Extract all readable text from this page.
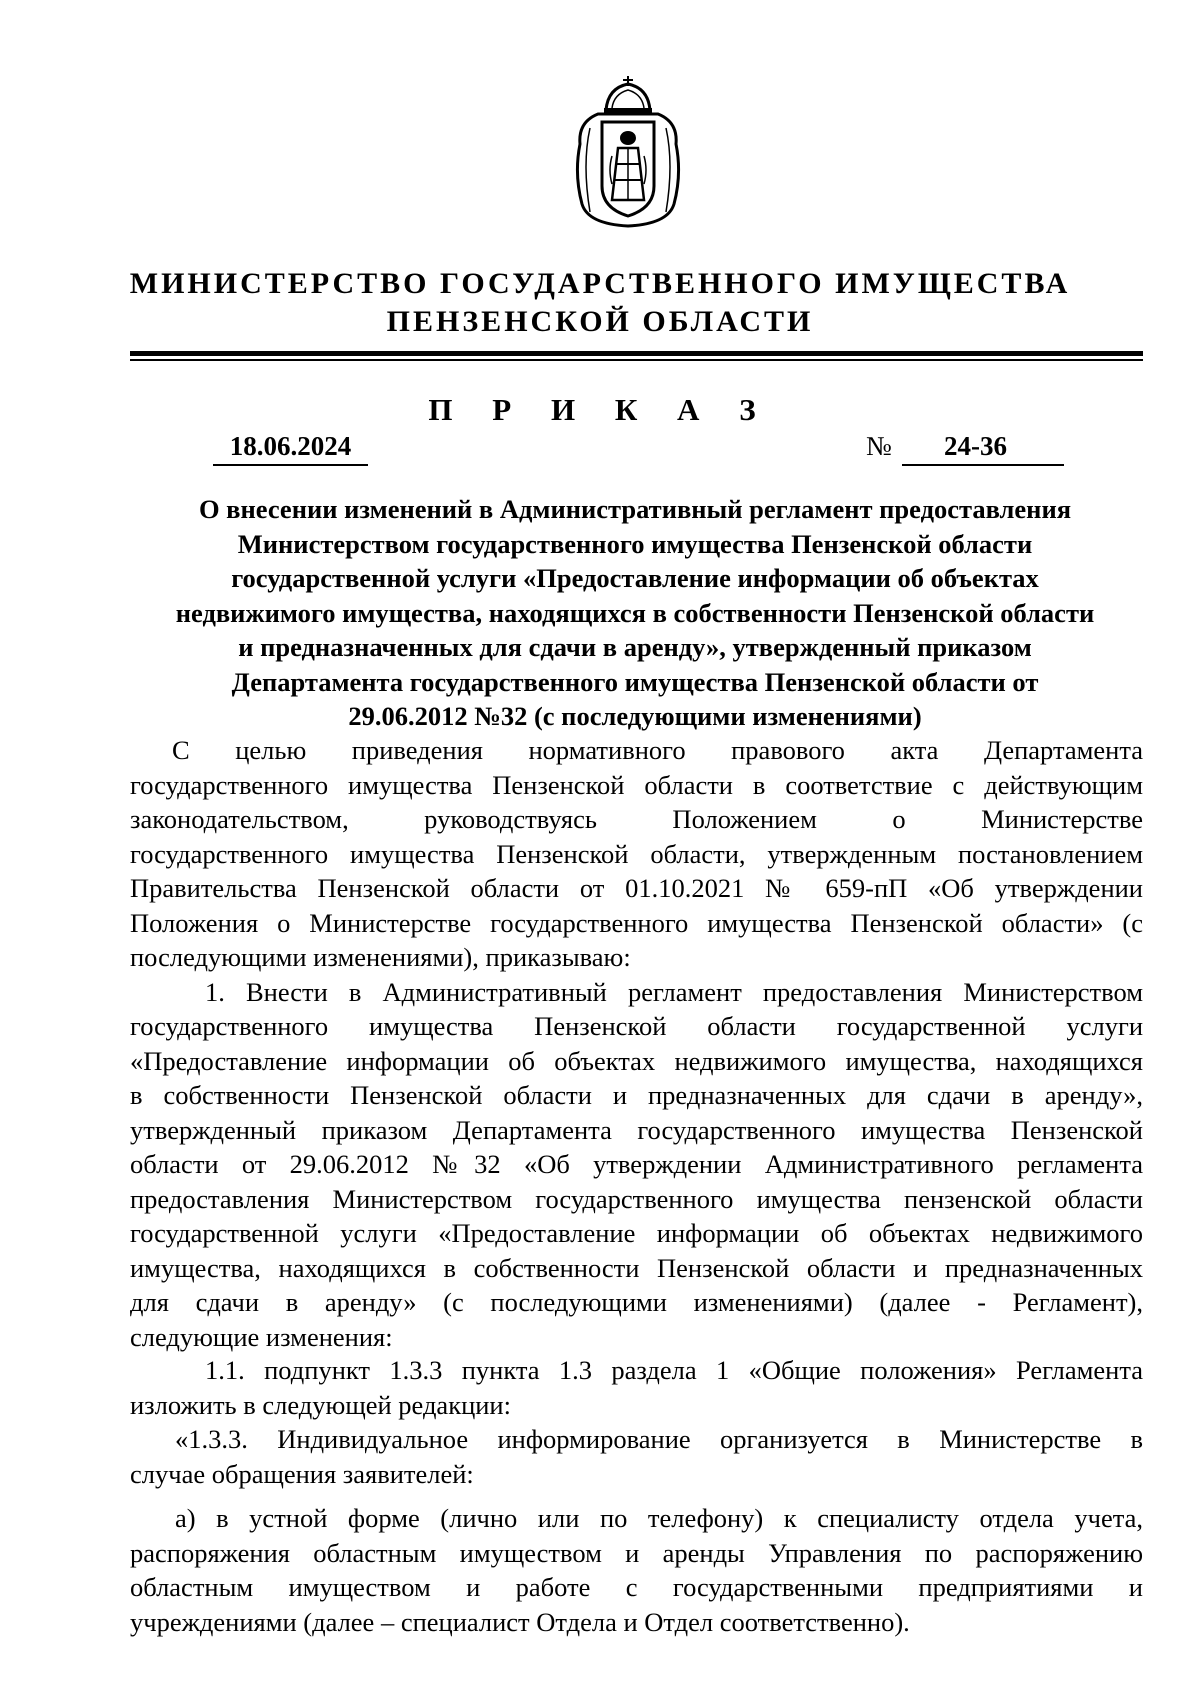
МИНИСТЕРСТВО ГОСУДАРСТВЕННОГО ИМУЩЕСТВА
ПЕНЗЕНСКОЙ ОБЛАСТИ
П Р И К А З
18.06.2024	№	24-36
О внесении изменений в Административный регламент предоставления
Министерством государственного имущества Пензенской области
государственной услуги «Предоставление информации об объектах
недвижимого имущества, находящихся в собственности Пензенской области
и предназначенных для сдачи в аренду», утвержденный приказом
Департамента государственного имущества Пензенской области от
29.06.2012 №32 (с последующими изменениями)
С целью приведения нормативного правового акта Департамента
государственного имущества Пензенской области в соответствие с действующим
законодательством, руководствуясь Положением о Министерстве
государственного имущества Пензенской области, утвержденным постановлением
Правительства Пензенской области от 01.10.2021 № 659-пП «Об утверждении
Положения о Министерстве государственного имущества Пензенской области» (с
последующими изменениями), приказываю:
1. Внести в Административный регламент предоставления Министерством
государственного имущества Пензенской области государственной услуги
«Предоставление информации об объектах недвижимого имущества, находящихся
в собственности Пензенской области и предназначенных для сдачи в аренду»,
утвержденный приказом Департамента государственного имущества Пензенской
области от 29.06.2012 №32 «Об утверждении Административного регламента
предоставления Министерством государственного имущества пензенской области
государственной услуги «Предоставление информации об объектах недвижимого
имущества, находящихся в собственности Пензенской области и предназначенных
для сдачи в аренду» (с последующими изменениями) (далее - Регламент),
следующие изменения:
1.1. подпункт 1.3.3 пункта 1.3 раздела 1 «Общие положения» Регламента
изложить в следующей редакции:
«1.3.3. Индивидуальное информирование организуется в Министерстве в
случае обращения заявителей:
а) в устной форме (лично или по телефону) к специалисту отдела учета,
распоряжения областным имуществом и аренды Управления по распоряжению
областным имуществом и работе с государственными предприятиями и
учреждениями (далее – специалист Отдела и Отдел соответственно).
